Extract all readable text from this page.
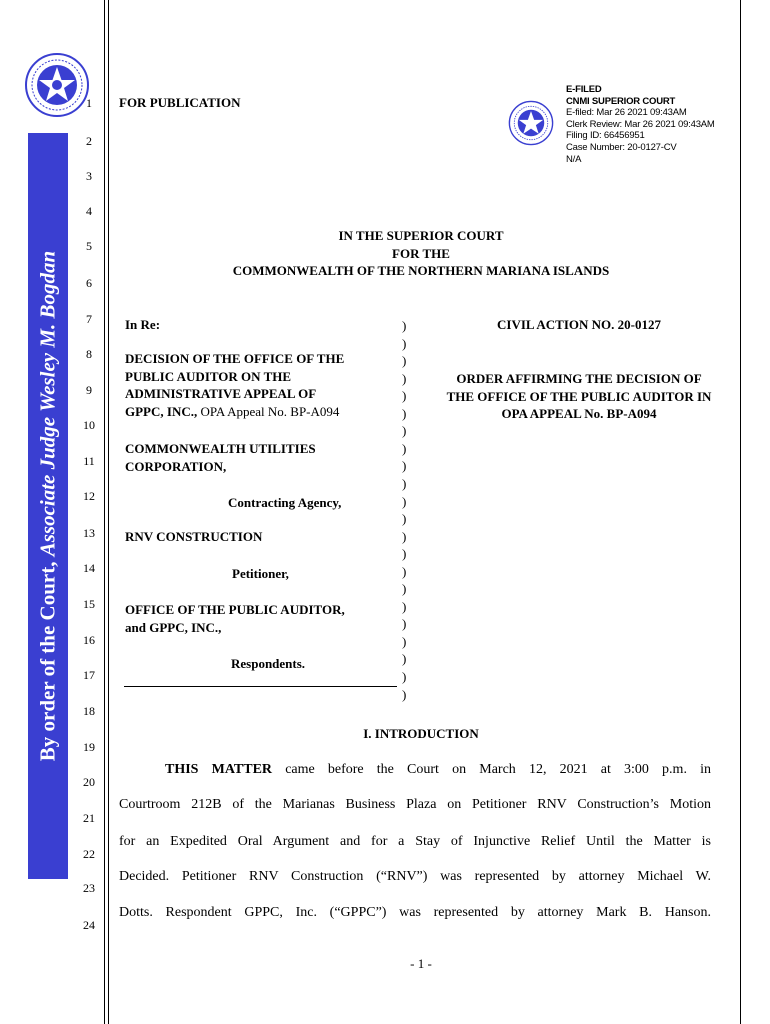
By order of the Court, Associate Judge Wesley M. Bogdan
1
2
3
4
5
6
7
8
9
10
11
12
13
14
15
16
17
18
19
20
21
22
23
24
FOR PUBLICATION
E-FILED
CNMI SUPERIOR COURT
E-filed: Mar 26 2021 09:43AM
Clerk Review: Mar 26 2021 09:43AM
Filing ID: 66456951
Case Number: 20-0127-CV
N/A
IN THE SUPERIOR COURT
FOR THE
COMMONWEALTH OF THE NORTHERN MARIANA ISLANDS
In Re:
DECISION OF THE OFFICE OF THE
PUBLIC AUDITOR ON THE
ADMINISTRATIVE APPEAL OF
GPPC, INC., OPA Appeal No. BP-A094
COMMONWEALTH UTILITIES
CORPORATION,
Contracting Agency,
RNV CONSTRUCTION
Petitioner,
OFFICE OF THE PUBLIC AUDITOR,
and GPPC, INC.,
Respondents.
)
)
)
)
)
)
)
)
)
)
)
)
)
)
)
)
)
)
)
)
)
)
CIVIL ACTION NO. 20-0127
ORDER AFFIRMING THE DECISION OF
THE OFFICE OF THE PUBLIC AUDITOR IN
OPA APPEAL No. BP-A094
I. INTRODUCTION
THIS MATTER came before the Court on March 12, 2021 at 3:00 p.m. in
Courtroom 212B of the Marianas Business Plaza on Petitioner RNV Construction’s Motion
for an Expedited Oral Argument and for a Stay of Injunctive Relief Until the Matter is
Decided. Petitioner RNV Construction (“RNV”) was represented by attorney Michael W.
Dotts. Respondent GPPC, Inc. (“GPPC”) was represented by attorney Mark B. Hanson.
- 1 -
